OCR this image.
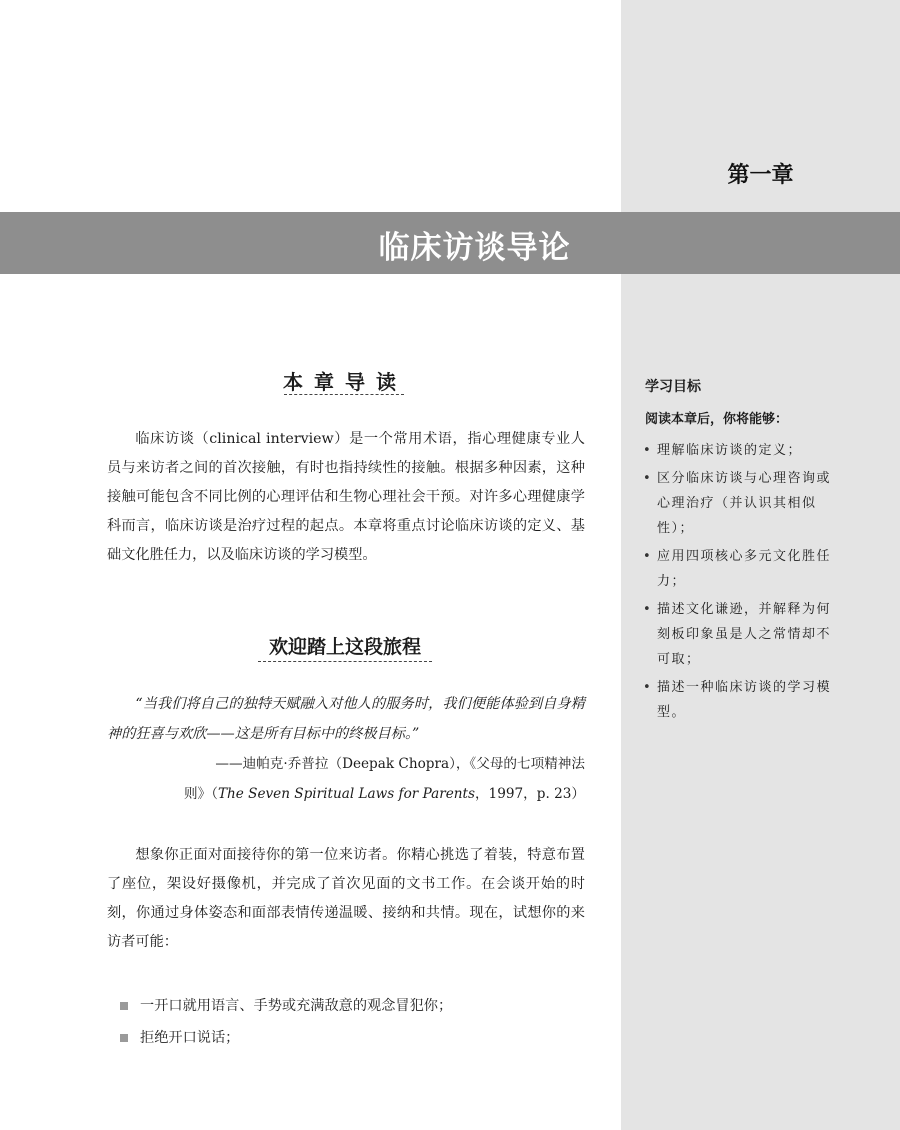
第一章
临床访谈导论
本章导读

临床访谈（clinical interview）是一个常用术语，指心理健康专业人员与来访者之间的首次接触，有时也指持续性的接触。根据多种因素，这种接触可能包含不同比例的心理评估和生物心理社会干预。对许多心理健康学科而言，临床访谈是治疗过程的起点。本章将重点讨论临床访谈的定义、基础文化胜任力，以及临床访谈的学习模型。

欢迎踏上这段旅程

“当我们将自己的独特天赋融入对他人的服务时，我们便能体验到自身精神的狂喜与欢欣——这是所有目标中的终极目标。”

——迪帕克·乔普拉（Deepak Chopra），《父母的七项精神法

则》（The Seven Spiritual Laws for Parents，1997，p. 23）

想象你正面对面接待你的第一位来访者。你精心挑选了着装，特意布置了座位，架设好摄像机，并完成了首次见面的文书工作。在会谈开始的时刻，你通过身体姿态和面部表情传递温暖、接纳和共情。现在，试想你的来访者可能：

一开口就用语言、手势或充满敌意的观念冒犯你；
拒绝开口说话；
学习目标
阅读本章后，你将能够：
• 理解临床访谈的定义；
• 区分临床访谈与心理咨询或心理治疗（并认识其相似性）；
• 应用四项核心多元文化胜任力；
• 描述文化谦逊，并解释为何刻板印象虽是人之常情却不可取；
• 描述一种临床访谈的学习模型。
